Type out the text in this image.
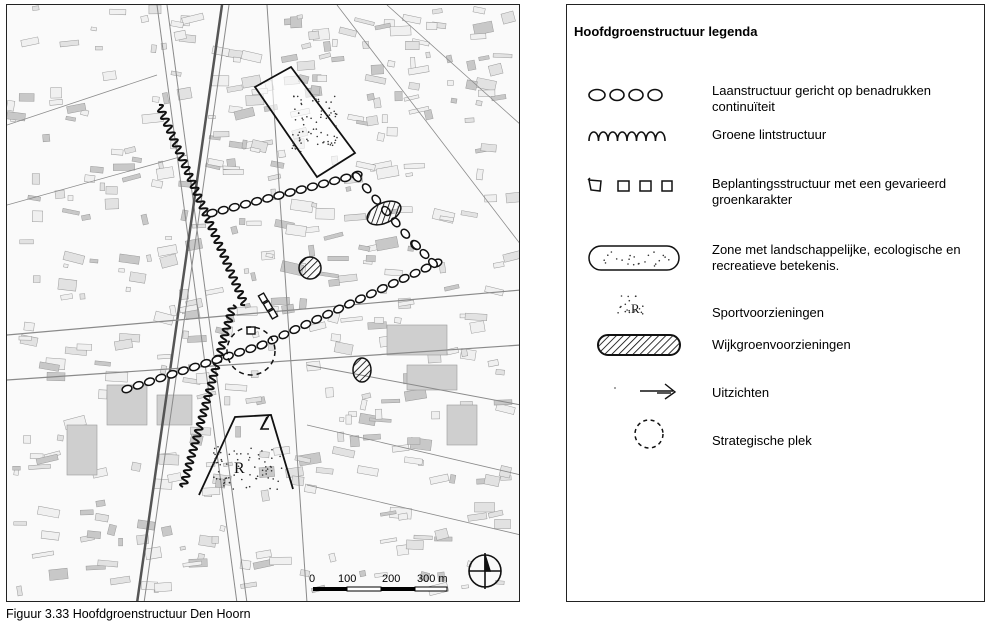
R
0 100 200 300 m
Figuur 3.33 Hoofdgroenstructuur Den Hoorn
Hoofdgroenstructuur legenda
Laanstructuur gericht op benadrukken continuïteit
Groene lintstructuur
Beplantingsstructuur met een gevarieerd groenkarakter
Zone met landschappelijke, ecologische en recreatieve betekenis.
R	Sportvoorzieningen
Wijkgroenvoorzieningen
Uitzichten
Strategische plek
